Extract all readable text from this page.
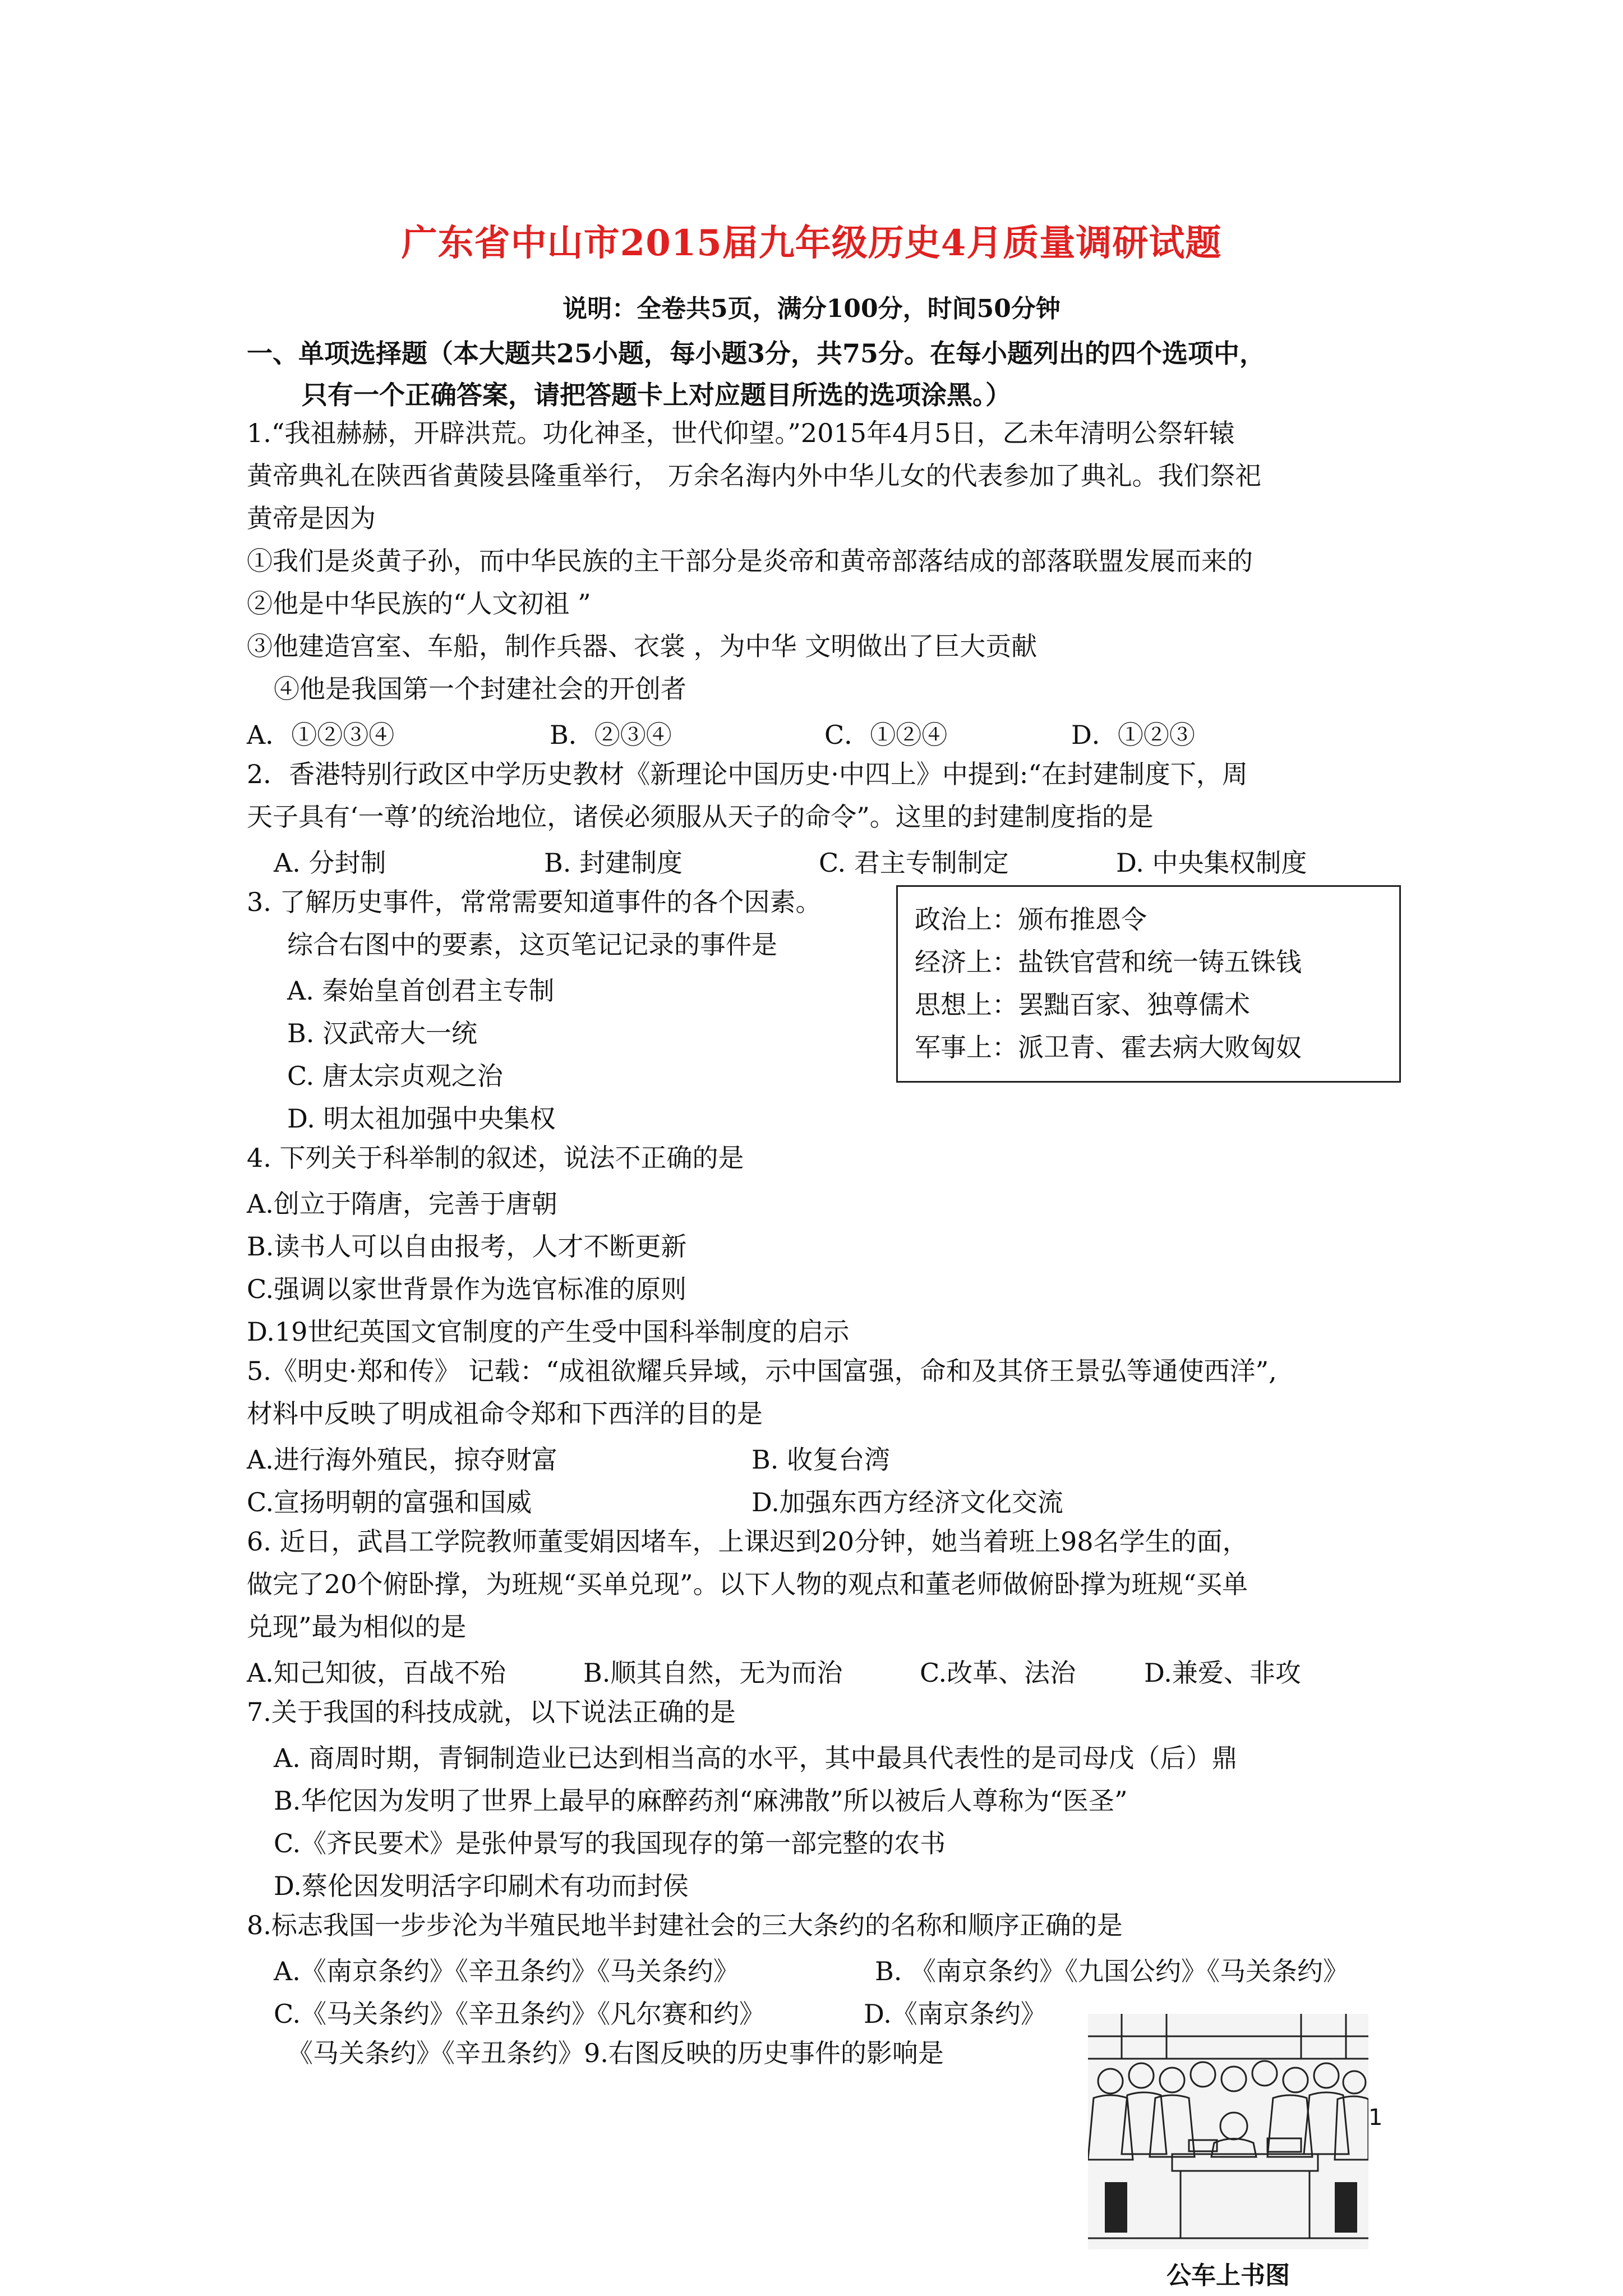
广东省中山市2015届九年级历史4月质量调研试题
说明：全卷共5页，满分100分，时间50分钟
一、单项选择题（本大题共25小题，每小题3分，共75分。在每小题列出的四个选项中，
只有一个正确答案，请把答题卡上对应题目所选的选项涂黑。）
1.“我祖赫赫，开辟洪荒。功化神圣，世代仰望。”2015年4月5日，乙未年清明公祭轩辕
黄帝典礼在陕西省黄陵县隆重举行， 万余名海内外中华儿女的代表参加了典礼。我们祭祀
黄帝是因为
①我们是炎黄子孙，而中华民族的主干部分是炎帝和黄帝部落结成的部落联盟发展而来的
②他是中华民族的“人文初祖 ”
③他建造宫室、车船，制作兵器、衣裳 ，为中华 文明做出了巨大贡献
④他是我国第一个封建社会的开创者
A．①②③④	B．②③④	C．①②④	D．①②③
2．香港特别行政区中学历史教材《新理论中国历史·中四上》中提到:“在封建制度下，周
天子具有‘一尊’的统治地位，诸侯必须服从天子的命令”。这里的封建制度指的是
A. 分封制	B. 封建制度	C. 君主专制制定	D. 中央集权制度
3. 了解历史事件，常常需要知道事件的各个因素。
综合右图中的要素，这页笔记记录的事件是
A. 秦始皇首创君主专制
B. 汉武帝大一统
C. 唐太宗贞观之治
D. 明太祖加强中央集权
政治上：颁布推恩令
经济上：盐铁官营和统一铸五铢钱
思想上：罢黜百家、独尊儒术
军事上：派卫青、霍去病大败匈奴
4. 下列关于科举制的叙述，说法不正确的是
A.创立于隋唐，完善于唐朝
B.读书人可以自由报考，人才不断更新
C.强调以家世背景作为选官标准的原则
D.19世纪英国文官制度的产生受中国科举制度的启示
5.《明史·郑和传》 记载：“成祖欲耀兵异域，示中国富强，命和及其侪王景弘等通使西洋”,
材料中反映了明成祖命令郑和下西洋的目的是
A.进行海外殖民，掠夺财富	B. 收复台湾
C.宣扬明朝的富强和国威	D.加强东西方经济文化交流
6. 近日，武昌工学院教师董雯娟因堵车，上课迟到20分钟，她当着班上98名学生的面，
做完了20个俯卧撑，为班规“买单兑现”。以下人物的观点和董老师做俯卧撑为班规“买单
兑现”最为相似的是
A.知己知彼，百战不殆	B.顺其自然，无为而治	C.改革、法治	D.兼爱、非攻
7.关于我国的科技成就，以下说法正确的是
A. 商周时期，青铜制造业已达到相当高的水平，其中最具代表性的是司母戊（后）鼎
B.华佗因为发明了世界上最早的麻醉药剂“麻沸散”所以被后人尊称为“医圣”
C.《齐民要术》是张仲景写的我国现存的第一部完整的农书
D.蔡伦因发明活字印刷术有功而封侯
8.标志我国一步步沦为半殖民地半封建社会的三大条约的名称和顺序正确的是
A.《南京条约》《辛丑条约》《马关条约》	B. 《南京条约》《九国公约》《马关条约》
C.《马关条约》《辛丑条约》《凡尔赛和约》	D.《南京条约》
《马关条约》《辛丑条约》9.右图反映的历史事件的影响是
公车上书图
1
